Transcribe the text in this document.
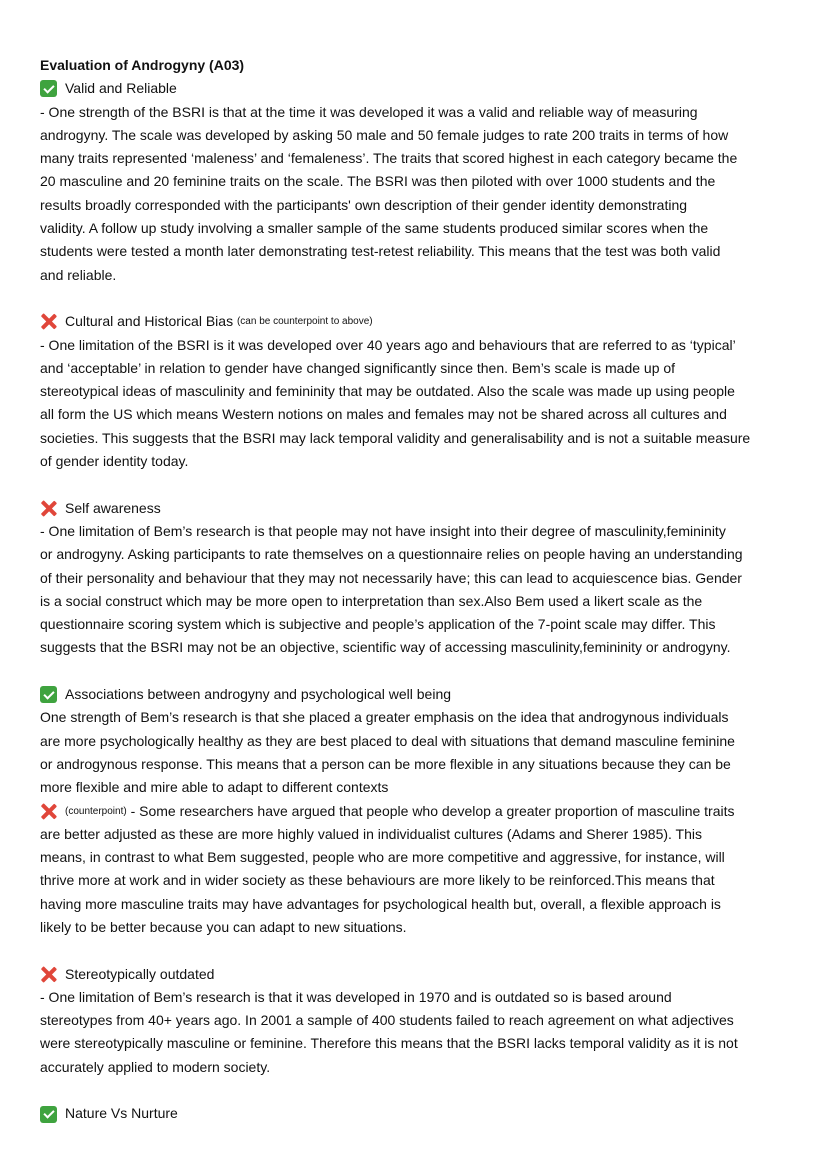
Evaluation of Androgyny (A03)
Valid and Reliable

- One strength of the BSRI is that at the time it was developed it was a valid and reliable way of measuring

androgyny. The scale was developed by asking 50 male and 50 female judges to rate 200 traits in terms of how

many traits represented ‘maleness’ and ‘femaleness’. The traits that scored highest in each category became the

20 masculine and 20 feminine traits on the scale. The BSRI was then piloted with over 1000 students and the

results broadly corresponded with the participants' own description of their gender identity demonstrating

validity. A follow up study involving a smaller sample of the same students produced similar scores when the

students were tested a month later demonstrating test-retest reliability. This means that the test was both valid

and reliable.

Cultural and Historical Bias
(can be counterpoint to above)

- One limitation of the BSRI is it was developed over 40 years ago and behaviours that are referred to as ‘typical’

and ‘acceptable’ in relation to gender have changed significantly since then. Bem’s scale is made up of

stereotypical ideas of masculinity and femininity that may be outdated. Also the scale was made up using people

all form the US which means Western notions on males and females may not be shared across all cultures and

societies. This suggests that the BSRI may lack temporal validity and generalisability and is not a suitable measure

of gender identity today.

Self awareness

- One limitation of Bem’s research is that people may not have insight into their degree of masculinity,femininity

or androgyny. Asking participants to rate themselves on a questionnaire relies on people having an understanding

of their personality and behaviour that they may not necessarily have; this can lead to acquiescence bias. Gender

is a social construct which may be more open to interpretation than sex.Also Bem used a likert scale as the

questionnaire scoring system which is subjective and people’s application of the 7-point scale may differ. This

suggests that the BSRI may not be an objective, scientific way of accessing masculinity,femininity or androgyny.

Associations between androgyny and psychological well being

One strength of Bem’s research is that she placed a greater emphasis on the idea that androgynous individuals

are more psychologically healthy as they are best placed to deal with situations that demand masculine feminine

or androgynous response. This means that a person can be more flexible in any situations because they can be

more flexible and mire able to adapt to different contexts

(counterpoint) - Some researchers have argued that people who develop a greater proportion of masculine traits

are better adjusted as these are more highly valued in individualist cultures (Adams and Sherer 1985). This

means, in contrast to what Bem suggested, people who are more competitive and aggressive, for instance, will

thrive more at work and in wider society as these behaviours are more likely to be reinforced.This means that

having more masculine traits may have advantages for psychological health but, overall, a flexible approach is

likely to be better because you can adapt to new situations.

Stereotypically outdated

- One limitation of Bem’s research is that it was developed in 1970 and is outdated so is based around

stereotypes from 40+ years ago. In 2001 a sample of 400 students failed to reach agreement on what adjectives

were stereotypically masculine or feminine. Therefore this means that the BSRI lacks temporal validity as it is not

accurately applied to modern society.

Nature Vs Nurture
